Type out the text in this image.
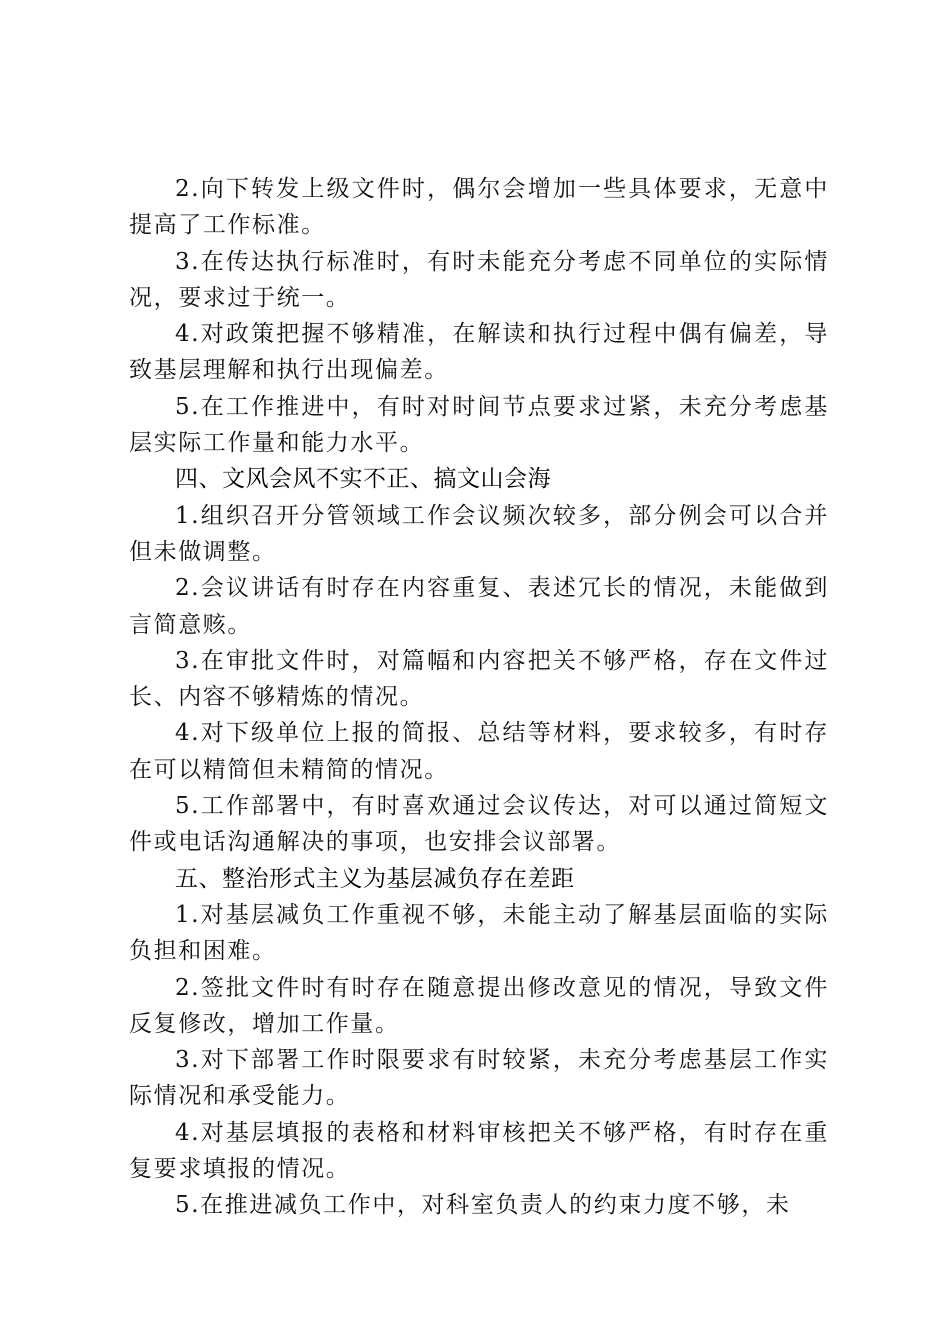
2.向下转发上级文件时，偶尔会增加一些具体要求，无意中提高了工作标准。

3.在传达执行标准时，有时未能充分考虑不同单位的实际情况，要求过于统一。

4.对政策把握不够精准，在解读和执行过程中偶有偏差，导致基层理解和执行出现偏差。

5.在工作推进中，有时对时间节点要求过紧，未充分考虑基层实际工作量和能力水平。

四、文风会风不实不正、搞文山会海

1.组织召开分管领域工作会议频次较多，部分例会可以合并但未做调整。

2.会议讲话有时存在内容重复、表述冗长的情况，未能做到言简意赅。

3.在审批文件时，对篇幅和内容把关不够严格，存在文件过长、内容不够精炼的情况。

4.对下级单位上报的简报、总结等材料，要求较多，有时存在可以精简但未精简的情况。

5.工作部署中，有时喜欢通过会议传达，对可以通过简短文件或电话沟通解决的事项，也安排会议部署。

五、整治形式主义为基层减负存在差距

1.对基层减负工作重视不够，未能主动了解基层面临的实际负担和困难。

2.签批文件时有时存在随意提出修改意见的情况，导致文件反复修改，增加工作量。

3.对下部署工作时限要求有时较紧，未充分考虑基层工作实际情况和承受能力。

4.对基层填报的表格和材料审核把关不够严格，有时存在重复要求填报的情况。

5.在推进减负工作中，对科室负责人的约束力度不够，未
